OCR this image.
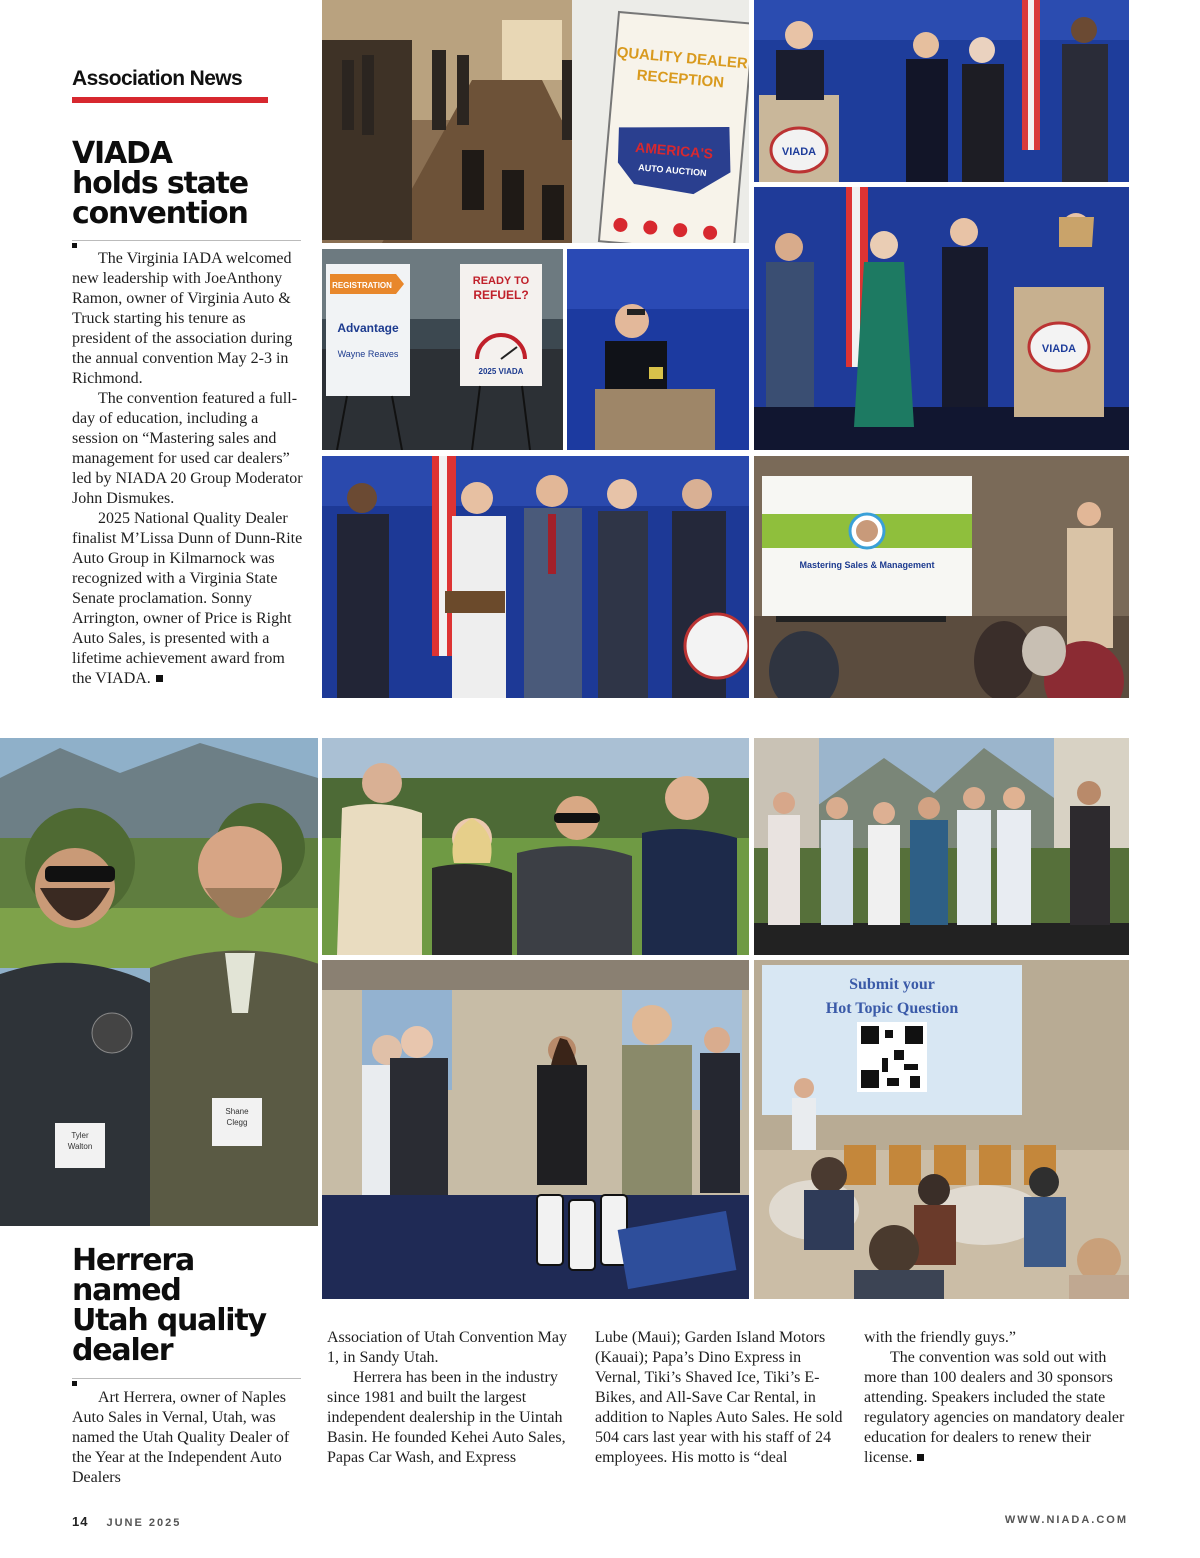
Association News
VIADA
holds state
convention

The Virginia IADA welcomed new leadership with JoeAnthony Ramon, owner of Virginia Auto & Truck starting his tenure as president of the association during the annual convention May 2-3 in Richmond.

The convention featured a full-day of education, including a session on “Mastering sales and management for used car dealers” led by NIADA 20 Group Moderator John Dismukes.

2025 National Quality Dealer finalist M’Lissa Dunn of Dunn-Rite Auto Group in Kilmarnock was recognized with a Virginia State Senate proclamation. Sonny Arrington, owner of Price is Right Auto Sales, is presented with a lifetime achievement award from the VIADA.

QUALITY DEALER
RECEPTION
AMERICA'S
AUTO AUCTION
VIADA
REGISTRATION
Advantage
Wayne Reaves
READY TO
REFUEL?
2025 VIADA
VIADA
Mastering Sales & Management
Tyler
Walton
Shane
Clegg
Submit your
Hot Topic Question
Herrera
named
Utah quality
dealer

Art Herrera, owner of Naples Auto Sales in Vernal, Utah, was named the Utah Quality Dealer of the Year at the Independent Auto Dealers

Association of Utah Convention May 1, in Sandy Utah.

Herrera has been in the industry since 1981 and built the largest independent dealership in the Uintah Basin. He founded Kehei Auto Sales, Papas Car Wash, and Express

Lube (Maui); Garden Island Motors (Kauai); Papa’s Dino Express in Vernal, Tiki’s Shaved Ice, Tiki’s E-Bikes, and All-Save Car Rental, in addition to Naples Auto Sales. He sold 504 cars last year with his staff of 24 employees. His motto is “deal

with the friendly guys.”

The convention was sold out with more than 100 dealers and 30 sponsors attending. Speakers included the state regulatory agencies on mandatory dealer education for dealers to renew their license.

14 JUNE 2025	WWW.NIADA.COM
